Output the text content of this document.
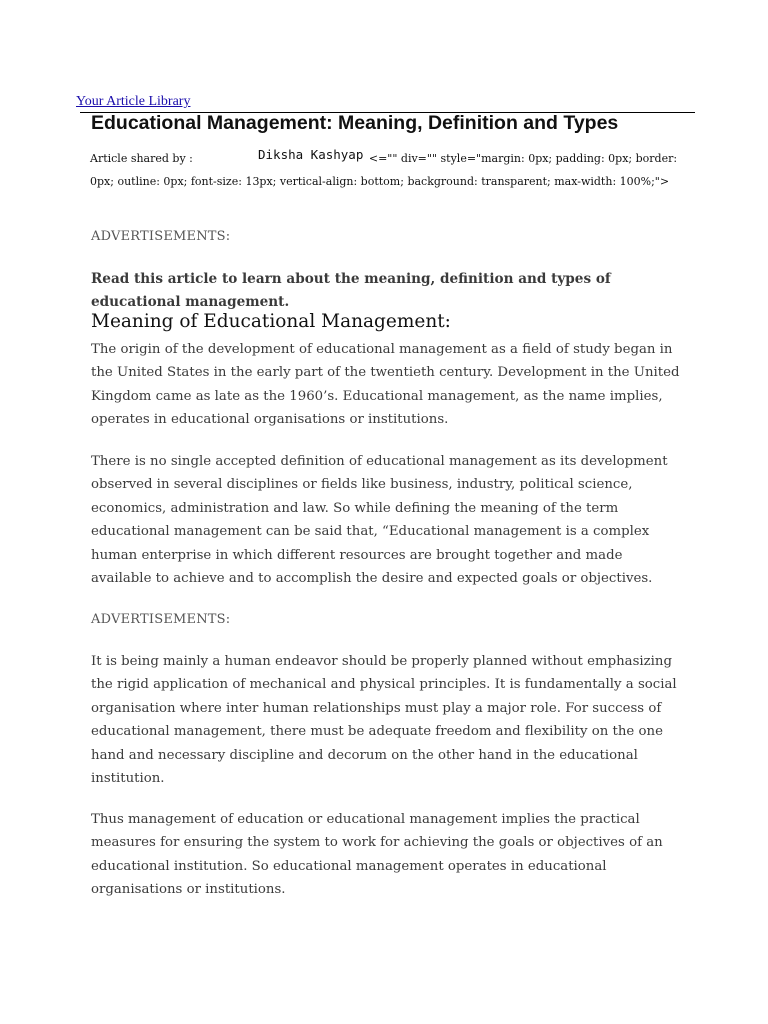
Your Article Library
Educational Management: Meaning, Definition and Types

Article shared by :	Diksha Kashyap <="" div="" style="margin: 0px; padding: 0px; border: 0px; outline: 0px; font-size: 13px; vertical-align: bottom; background: transparent; max-width: 100%;">

ADVERTISEMENTS:

Read this article to learn about the meaning, definition and types of educational management.

Meaning of Educational Management:

The origin of the development of educational management as a field of study began in the United States in the early part of the twentieth century. Development in the United Kingdom came as late as the 1960’s. Educational management, as the name implies, operates in educational organisations or institutions.

There is no single accepted definition of educational management as its development observed in several disciplines or fields like business, industry, political science, economics, administration and law. So while defining the meaning of the term educational management can be said that, “Educational management is a complex human enterprise in which different resources are brought together and made available to achieve and to accomplish the desire and expected goals or objectives.

ADVERTISEMENTS:

It is being mainly a human endeavor should be properly planned without emphasizing the rigid application of mechanical and physical principles. It is fundamentally a social organisation where inter human relationships must play a major role. For success of educational management, there must be adequate freedom and flexibility on the one hand and necessary discipline and decorum on the other hand in the educational institution.

Thus management of education or educational management implies the practical measures for ensuring the system to work for achieving the goals or objectives of an educational institution. So educational management operates in educational organisations or institutions.
